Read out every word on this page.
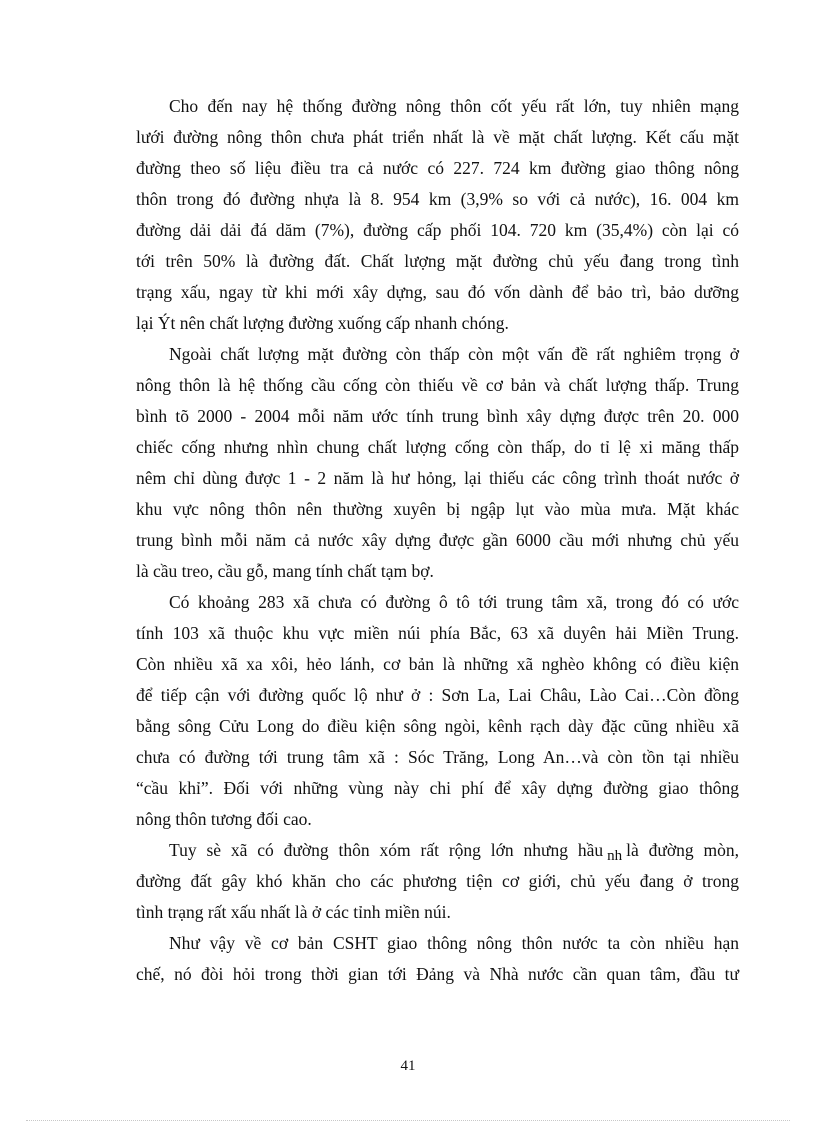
Cho đến nay hệ thống đường nông thôn cốt yếu rất lớn, tuy nhiên mạng
lưới đường nông thôn chưa phát triển nhất là về mặt chất lượng. Kết cấu mặt
đường theo số liệu điều tra cả nước có 227. 724 km đường giao thông nông
thôn trong đó đường nhựa là 8. 954 km (3,9% so với cả nước), 16. 004 km
đường dải dải đá dăm (7%), đường cấp phối 104. 720 km (35,4%) còn lại có
tới trên 50% là đường đất. Chất lượng mặt đường chủ yếu đang trong tình
trạng xấu, ngay từ khi mới xây dựng, sau đó vốn dành để bảo trì, bảo dưỡng
lại Ýt nên chất lượng đường xuống cấp nhanh chóng.
Ngoài chất lượng mặt đường còn thấp còn một vấn đề rất nghiêm trọng ở
nông thôn là hệ thống cầu cống còn thiếu về cơ bản và chất lượng thấp. Trung
bình tõ 2000 - 2004 mỗi năm ước tính trung bình xây dựng được trên 20. 000
chiếc cống nhưng nhìn chung chất lượng cống còn thấp, do tỉ lệ xi măng thấp
nêm chỉ dùng được 1 - 2 năm là hư hỏng, lại thiếu các công trình thoát nước ở
khu vực nông thôn nên thường xuyên bị ngập lụt vào mùa mưa. Mặt khác
trung bình mỗi năm cả nước xây dựng được gần 6000 cầu mới nhưng chủ yếu
là cầu treo, cầu gỗ, mang tính chất tạm bợ.
Có khoảng 283 xã chưa có đường ô tô tới trung tâm xã, trong đó có ước
tính 103 xã thuộc khu vực miền núi phía Bắc, 63 xã duyên hải Miền Trung.
Còn nhiều xã xa xôi, hẻo lánh, cơ bản là những xã nghèo không có điều kiện
để tiếp cận với đường quốc lộ như ở : Sơn La, Lai Châu, Lào Cai…Còn đồng
bằng sông Cửu Long do điều kiện sông ngòi, kênh rạch dày đặc cũng nhiều xã
chưa có đường tới trung tâm xã : Sóc Trăng, Long An…và còn tồn tại nhiều
“cầu khỉ”. Đối với những vùng này chi phí để xây dựng đường giao thông
nông thôn tương đối cao.
Tuy sè xã có đường thôn xóm rất rộng lớn nhưng hầu nh là đường mòn,
đường đất gây khó khăn cho các phương tiện cơ giới, chủ yếu đang ở trong
tình trạng rất xấu nhất là ở các tỉnh miền núi.
Như vậy về cơ bản CSHT giao thông nông thôn nước ta còn nhiều hạn
chế, nó đòi hỏi trong thời gian tới Đảng và Nhà nước cần quan tâm, đầu tư
41
